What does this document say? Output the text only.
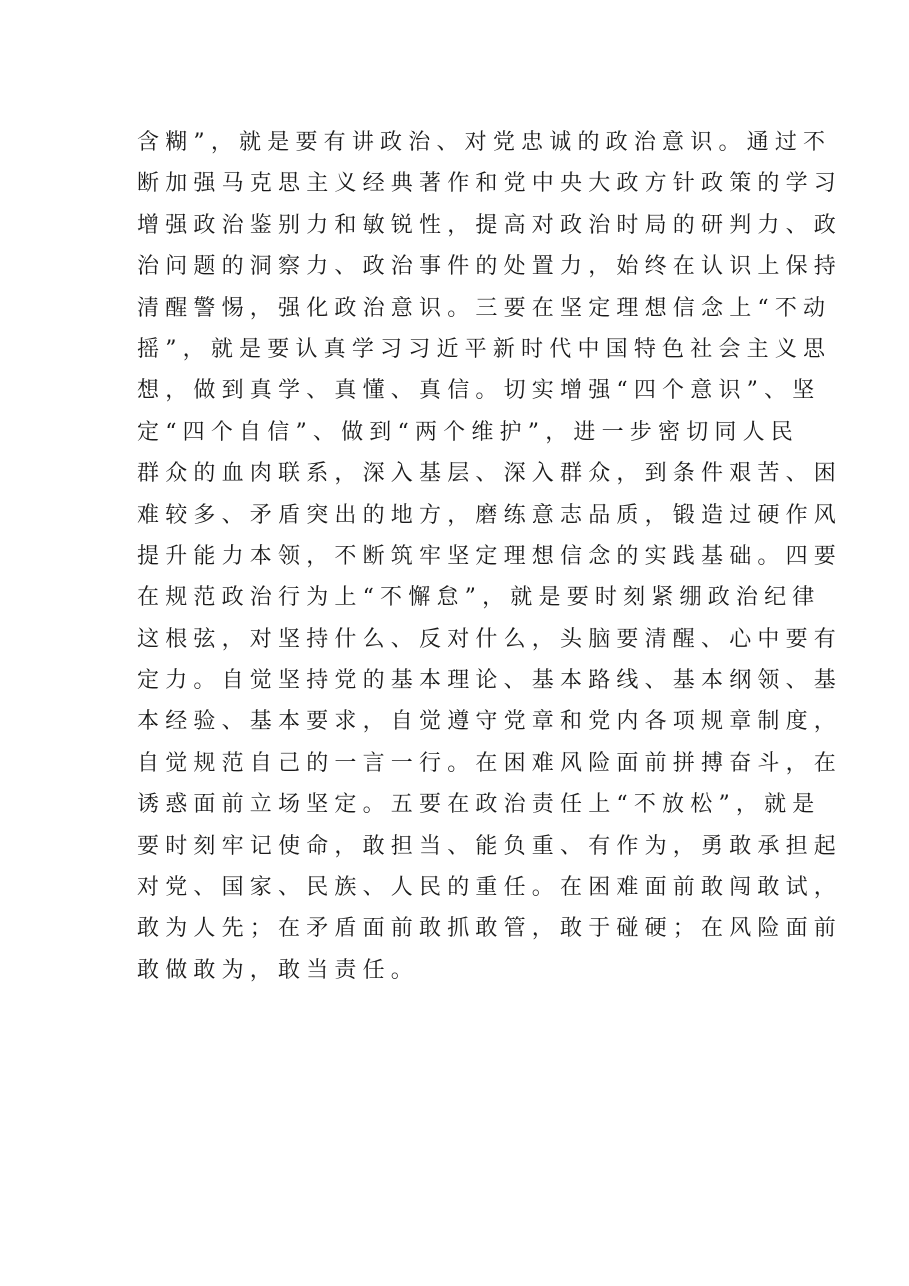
含糊”，就是要有讲政治、对党忠诚的政治意识。通过不
断加强马克思主义经典著作和党中央大政方针政策的学习
增强政治鉴别力和敏锐性，提高对政治时局的研判力、政
治问题的洞察力、政治事件的处置力，始终在认识上保持
清醒警惕，强化政治意识。三要在坚定理想信念上“不动
摇”，就是要认真学习习近平新时代中国特色社会主义思
想，做到真学、真懂、真信。切实增强“四个意识”、坚
定“四个自信”、做到“两个维护”，进一步密切同人民
群众的血肉联系，深入基层、深入群众，到条件艰苦、困
难较多、矛盾突出的地方，磨练意志品质，锻造过硬作风
提升能力本领，不断筑牢坚定理想信念的实践基础。四要
在规范政治行为上“不懈怠”，就是要时刻紧绷政治纪律
这根弦，对坚持什么、反对什么，头脑要清醒、心中要有
定力。自觉坚持党的基本理论、基本路线、基本纲领、基
本经验、基本要求，自觉遵守党章和党内各项规章制度，
自觉规范自己的一言一行。在困难风险面前拼搏奋斗，在
诱惑面前立场坚定。五要在政治责任上“不放松”，就是
要时刻牢记使命，敢担当、能负重、有作为，勇敢承担起
对党、国家、民族、人民的重任。在困难面前敢闯敢试，
敢为人先；在矛盾面前敢抓敢管，敢于碰硬；在风险面前
敢做敢为，敢当责任。
